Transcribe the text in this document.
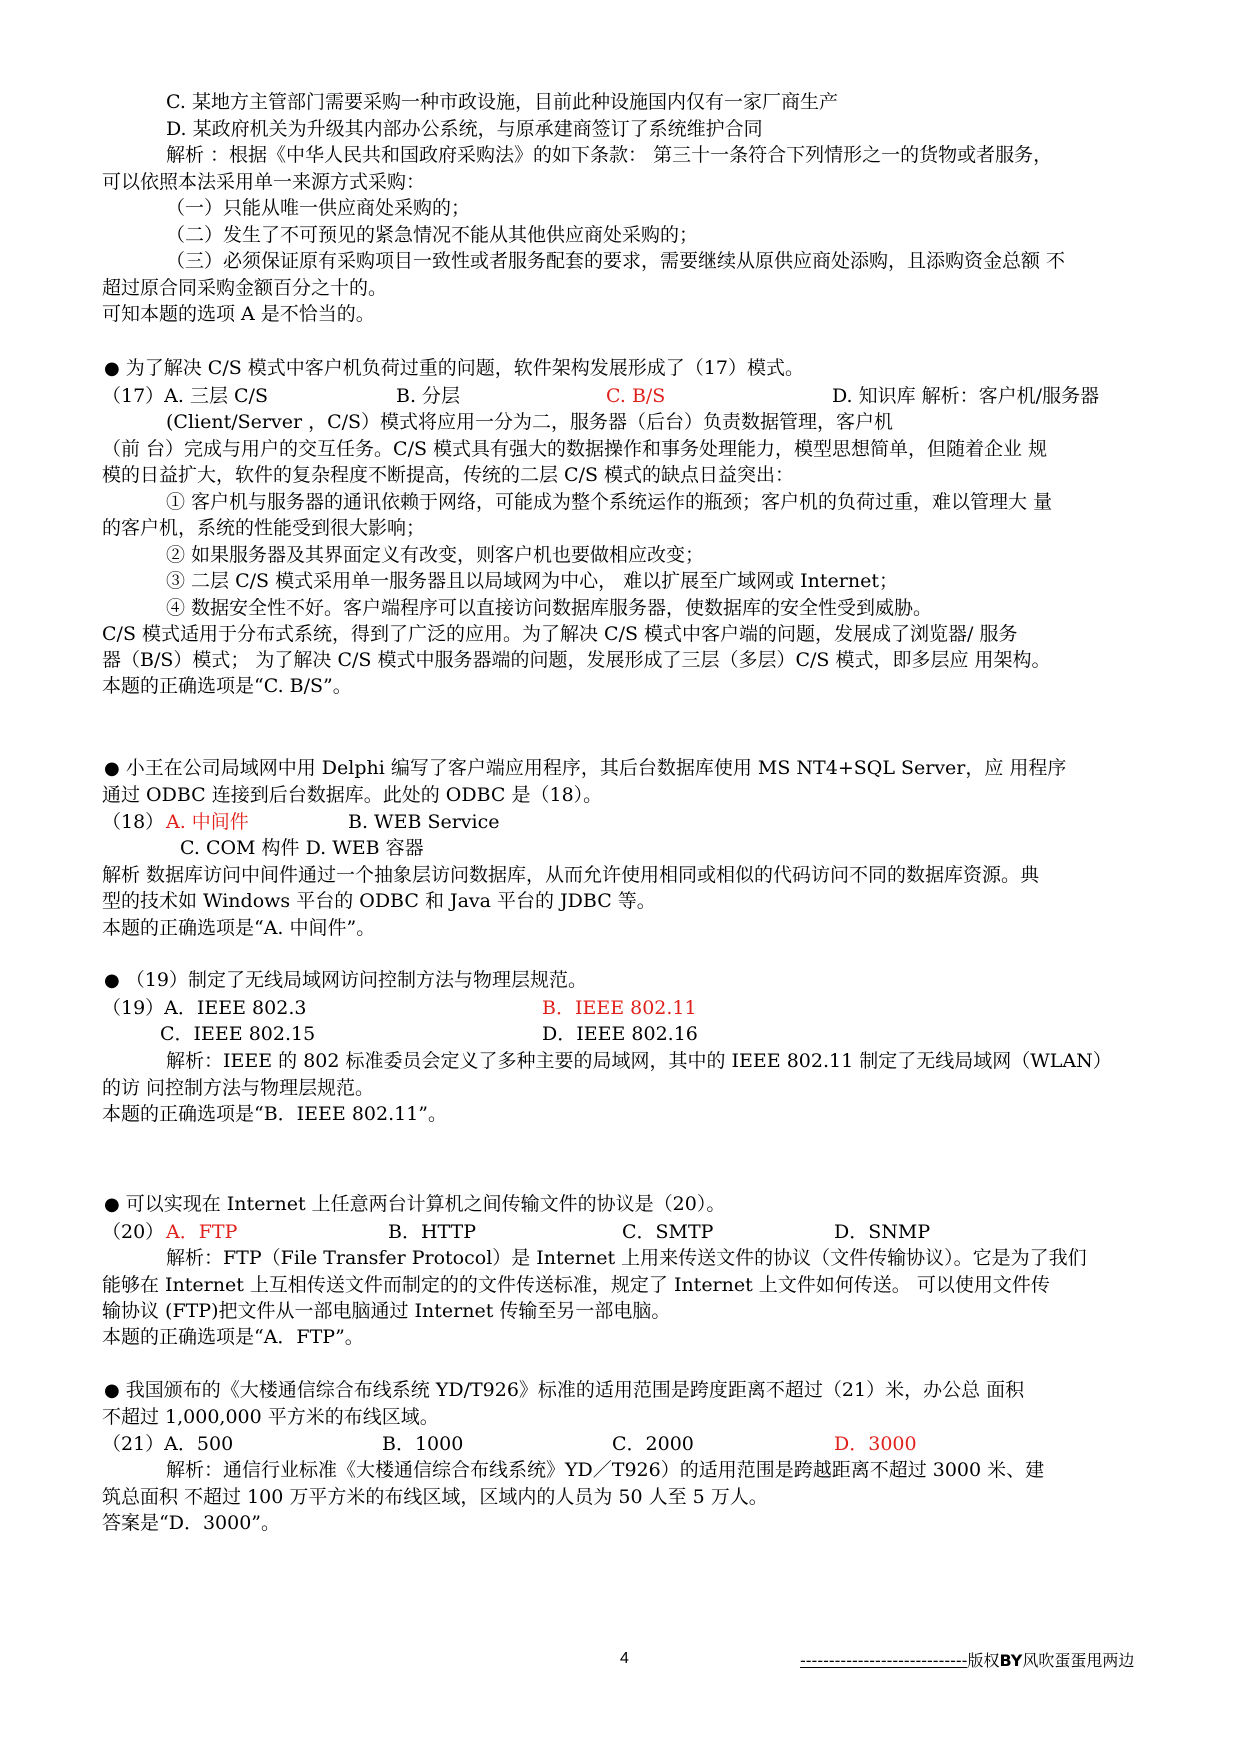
C. 某地方主管部门需要采购一种市政设施，目前此种设施国内仅有一家厂商生产
D. 某政府机关为升级其内部办公系统，与原承建商签订了系统维护合同
解析 ：根据《中华人民共和国政府采购法》的如下条款： 第三十一条符合下列情形之一的货物或者服务，
可以依照本法采用单一来源方式采购：
（一）只能从唯一供应商处采购的；
（二）发生了不可预见的紧急情况不能从其他供应商处采购的；
（三）必须保证原有采购项目一致性或者服务配套的要求，需要继续从原供应商处添购，且添购资金总额 不
超过原合同采购金额百分之十的。
可知本题的选项 A 是不恰当的。
● 为了解决 C/S 模式中客户机负荷过重的问题，软件架构发展形成了（17）模式。
（17）A. 三层 C/S	B. 分层	C. B/S	D. 知识库 解析：客户机/服务器
(Client/Server ，C/S）模式将应用一分为二，服务器（后台）负责数据管理，客户机
（前 台）完成与用户的交互任务。C/S 模式具有强大的数据操作和事务处理能力，模型思想简单，但随着企业 规
模的日益扩大，软件的复杂程度不断提高，传统的二层 C/S 模式的缺点日益突出：
① 客户机与服务器的通讯依赖于网络，可能成为整个系统运作的瓶颈；客户机的负荷过重，难以管理大 量
的客户机，系统的性能受到很大影响；
② 如果服务器及其界面定义有改变，则客户机也要做相应改变；
③ 二层 C/S 模式采用单一服务器且以局域网为中心， 难以扩展至广域网或 Internet；
④ 数据安全性不好。客户端程序可以直接访问数据库服务器，使数据库的安全性受到威胁。
C/S 模式适用于分布式系统，得到了广泛的应用。为了解决 C/S 模式中客户端的问题，发展成了浏览器/ 服务
器（B/S）模式； 为了解决 C/S 模式中服务器端的问题，发展形成了三层（多层）C/S 模式，即多层应 用架构。
本题的正确选项是“C. B/S”。
● 小王在公司局域网中用 Delphi 编写了客户端应用程序，其后台数据库使用 MS NT4+SQL Server，应 用程序
通过 ODBC 连接到后台数据库。此处的 ODBC 是（18）。
（18） A. 中间件	B. WEB Service
C. COM 构件 D. WEB 容器
解析 数据库访问中间件通过一个抽象层访问数据库，从而允许使用相同或相似的代码访问不同的数据库资源。典
型的技术如 Windows 平台的 ODBC 和 Java 平台的 JDBC 等。
本题的正确选项是“A. 中间件”。
● （19）制定了无线局域网访问控制方法与物理层规范。
（19）A．IEEE 802.3	B．IEEE 802.11
C．IEEE 802.15	D．IEEE 802.16
解析：IEEE 的 802 标准委员会定义了多种主要的局域网，其中的 IEEE 802.11 制定了无线局域网（WLAN）
的访 问控制方法与物理层规范。
本题的正确选项是“B．IEEE 802.11”。
● 可以实现在 Internet 上任意两台计算机之间传输文件的协议是（20）。
（20） A．FTP	B．HTTP	C．SMTP	D．SNMP
解析：FTP（File Transfer Protocol）是 Internet 上用来传送文件的协议（文件传输协议）。它是为了我们
能够在 Internet 上互相传送文件而制定的的文件传送标准，规定了 Internet 上文件如何传送。 可以使用文件传
输协议 (FTP)把文件从一部电脑通过 Internet 传输至另一部电脑。
本题的正确选项是“A．FTP”。
● 我国颁布的《大楼通信综合布线系统 YD/T926》标准的适用范围是跨度距离不超过（21）米，办公总 面积
不超过 1,000,000 平方米的布线区域。
（21）A．500	B．1000	C．2000	D．3000
解析：通信行业标准《大楼通信综合布线系统》YD／T926）的适用范围是跨越距离不超过 3000 米、建
筑总面积 不超过 100 万平方米的布线区域，区域内的人员为 50 人至 5 万人。
答案是“D．3000”。
4	-----------------------------版权BY风吹蛋蛋甩两边
